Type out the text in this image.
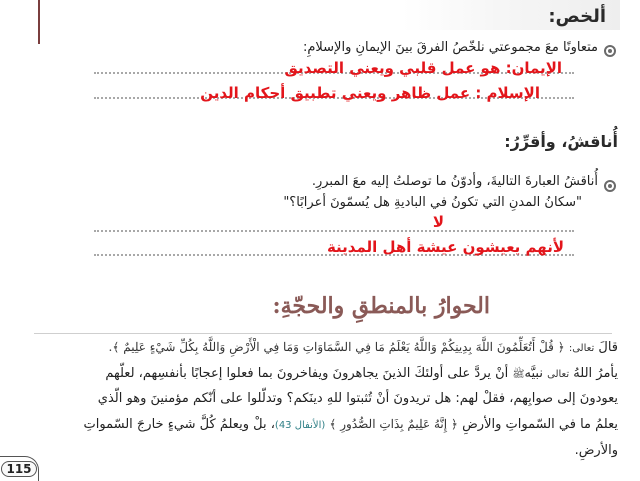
ألخص:
متعاونًا معَ مجموعتي نلخّصُ الفرقَ بينَ الإيمانِ والإسلامِ:
الإيمان: هو عمل قلبي ويعني التصديق
الإسلام : عمل ظاهر ويعني تطبيق أحكام الدين
أُناقشُ، وأقرِّرُ:
أُناقشُ العبارةَ التاليةَ، وأدوّنُ ما توصلتُ إليه معَ المبررِ.
"سكانُ المدنِ التي تكونُ في الباديةِ هل يُسمّونَ أعرابًا؟"
لا
لأنهم يعيشون عيشة أهل المدينة
الحوارُ بالمنطقِ والحجّةِ:
قالَ تعالى: ﴿ قُلْ أَتُعَلِّمُونَ اللَّهَ بِدِينِكُمْ وَاللَّهُ يَعْلَمُ مَا فِي السَّمَاوَاتِ وَمَا فِي الْأَرْضِ وَاللَّهُ بِكُلِّ شَيْءٍ عَلِيمٌ ﴾.
يأمرُ اللهُ تعالى نبيَّهﷺ أنْ يردَّ على أولئكَ الذينَ يجاهرونَ ويفاخرونَ بما فعلوا إعجابًا بأنفسِهم، لعلّهم
يعودونَ إلى صوابِهم، فقلْ لهم: هل تريدونَ أنْ تُثبتوا للهِ دينَكم؟ وتدلّلوا على أنّكم مؤمنينَ وهو الّذي
يعلمُ ما في السّمواتِ والأرضِ ﴿ إِنَّهُ عَلِيمٌ بِذَاتِ الصُّدُورِ ﴾ (الأنفال 43)، بلْ ويعلمُ كُلَّ شيءٍ خارجَ السّمواتِ
والأرضِ.
115
